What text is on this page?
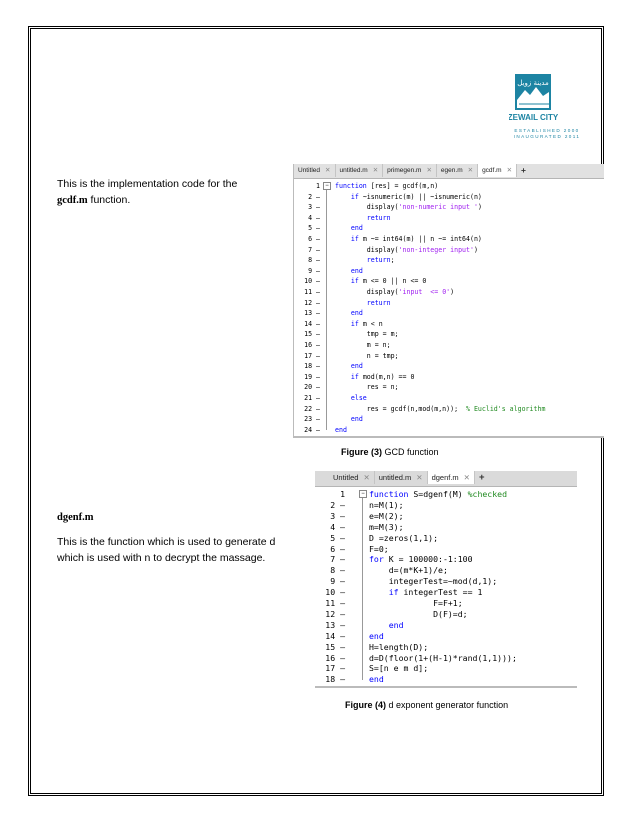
مدينة زويل
ZEWAIL CITY
ESTABLISHED 2000
INAUGURATED 2011
This is the implementation code for the
gcdf.m function.
Untitled ✕	untitled.m ✕	primegen.m ✕	egen.m ✕	gcdf.m ✕	+
−
1 function [res] = gcdf(m,n)
2 –	if ~isnumeric(m) || ~isnumeric(n)
3 – display('non-numeric input ')
4 –	return
5 –	end
6 –	if m ~= int64(m) || n ~= int64(n)
7 – display('non-integer input')
8 –	return;
9 –	end
10 –	if m <= 0 || n <= 0
11 – display('input  <= 0')
12 –	return
13 –	end
14 –	if m < n
15 – tmp = m;
16 – m = n;
17 – n = tmp;
18 –	end
19 –	if mod(m,n) == 0
20 – res = n;
21 –	else
22 – res = gcdf(n,mod(m,n));  % Euclid's algorithm
23 –	end
24 – end
Figure (3) GCD function
dgenf.m
This is the function which is used to generate d
which is used with n to decrypt the massage.
Untitled ✕	untitled.m ✕	dgenf.m ✕ +
−
1	function S=dgenf(M) %checked
2 –	n=M(1);
3 –	e=M(2);
4 –	m=M(3);
5 –	D =zeros(1,1);
6 –	F=0;
7 –	for K = 100000:-1:100
8 –	d=(m*K+1)/e;
9 –	integerTest=~mod(d,1);
10 –	if integerTest == 1
11 –	F=F+1;
12 –	D(F)=d;
13 –	end
14 –	end
15 –	H=length(D);
16 –	d=D(floor(1+(H-1)*rand(1,1)));
17 –	S=[n e m d];
18 –	end
Figure (4) d exponent generator function
